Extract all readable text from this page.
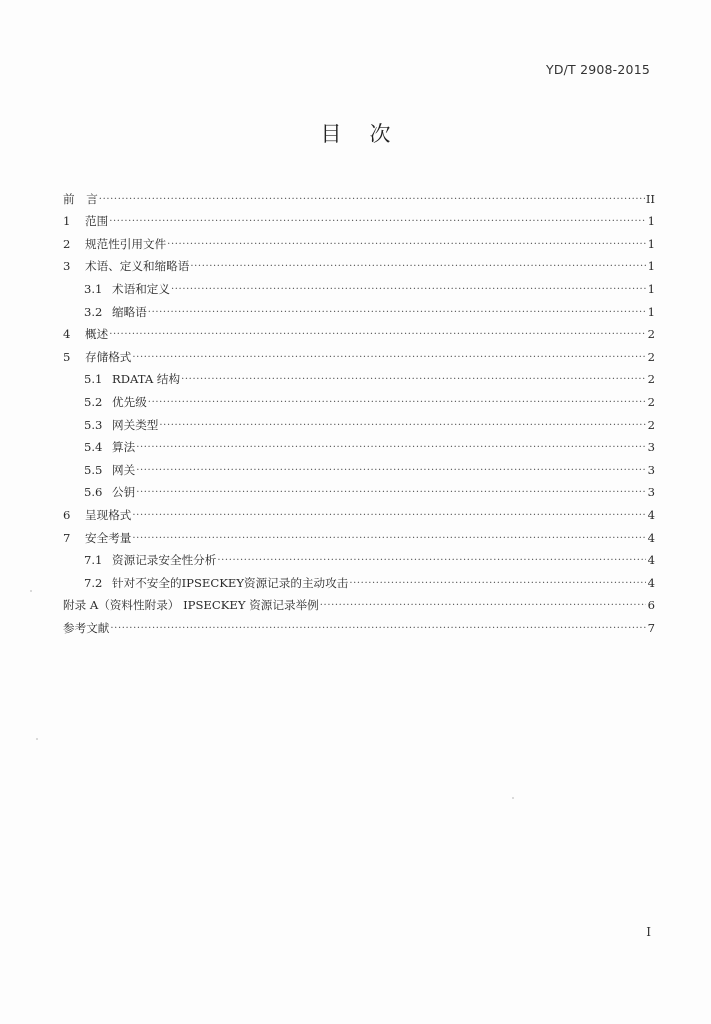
YD/T 2908-2015
目次
前　言 ·····	II
1	范围 ·····	1
2	规范性引用文件 ·····	1
3	术语、定义和缩略语 ·····	1
3.1 术语和定义 ·····	1
3.2 缩略语 ·····	1
4	概述 ·····	2
5	存储格式 ·····	2
5.1 RDATA 结构 ·····	2
5.2 优先级 ·····	2
5.3 网关类型 ·····	2
5.4 算法 ·····	3
5.5 网关 ·····	3
5.6 公钥 ·····	3
6	呈现格式 ·····	4
7	安全考量 ·····	4
7.1 资源记录安全性分析 ·····	4
7.2 针对不安全的IPSECKEY资源记录的主动攻击 ·····	4
附录 A（资料性附录） IPSECKEY 资源记录举例 ·····	6
参考文献 ·····	7
I
